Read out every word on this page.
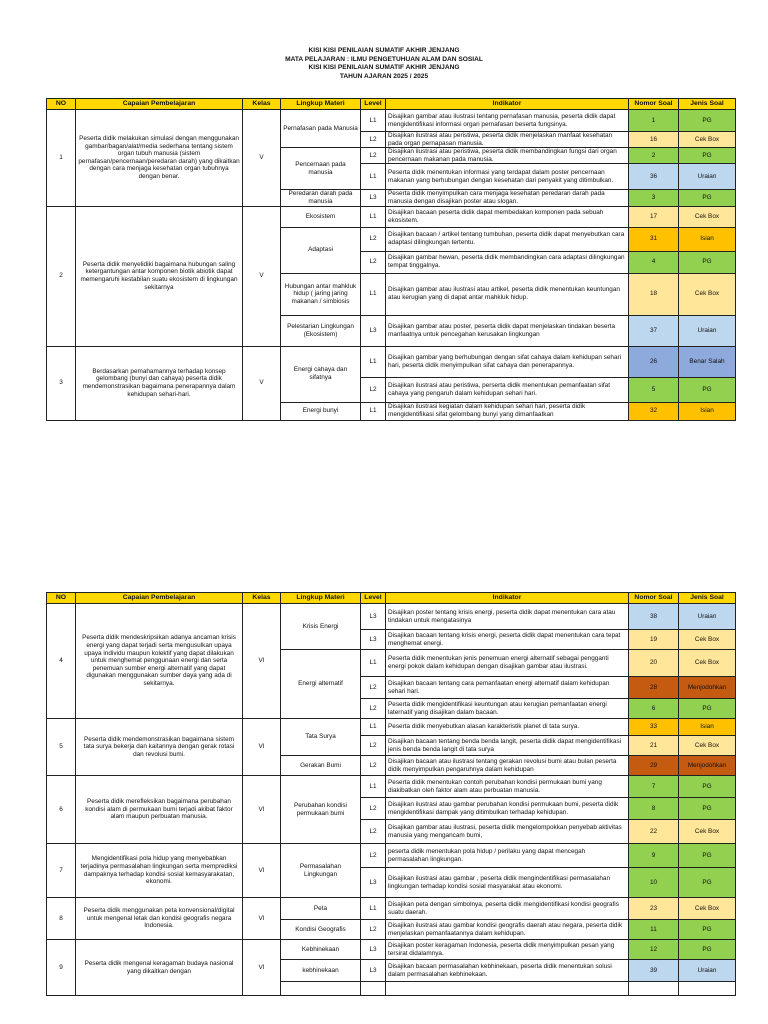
KISI KISI PENILAIAN SUMATIF AKHIR JENJANG
MATA PELAJARAN : ILMU PENGETUHUAN ALAM DAN SOSIAL
KISI KISI PENILAIAN SUMATIF AKHIR JENJANG
TAHUN AJARAN 2025 / 2025
NO	Capaian Pembelajaran	Kelas	Lingkup Materi	Level	Indikator	Nomor Soal	Jenis Soal
1	Peserta didik melakukan simulasi dengan menggunakan gambar/bagan/alat/media sederhana tentang sistem organ tubuh manusia (sistem pernafasan/pencernaan/peredaran darah) yang dikaitkan dengan cara menjaga kesehatan organ tubuhnya dengan benar.	V	Pernafasan pada Manusia	L1	Disajikan gambar atau ilustrasi tentang pernafasan manusia, peserta didik dapat mengidentifikasi informasi organ pernafasan beserta fungsinya.	1	PG
				L2	Disajikan ilustrasi atau peristiwa, peserta didik menjelaskan manfaat kesehatan pada organ pernapasan manusia.	16	Cek Box
			Pencernaan pada manusia	L2	Disajikan ilustrasi atau peristiwa, peserta didik membandingkan fungsi dari organ pencernaan makanan pada manusia.	2	PG
				L1	Peserta didik menentukan informasi yang terdapat dalam poster pencernaan makanan yang berhubungan dengan kesehatan dari penyakit yang ditimbulkan.	36	Uraian
			Peredaran darah pada manusia	L3	Peserta didik menyimpulkan cara menjaga kesehatan peredaran darah pada manusia dengan disajikan poster atau slogan.	3	PG
2	Peserta didik menyelidiki bagaimana hubungan saling ketergantungan antar komponen biotik abiotik dapat memengaruhi kestabilan suatu ekosistem di lingkungan sekitarnya	V	Ekosistem	L1	Disajikan bacaan peserta didik dapat membedakan komponen pada sebuah ekosistem.	17	Cek Box
			Adaptasi	L2	Disajikan bacaan / artikel tentang tumbuhan, peserta didik dapat menyebutkan cara adaptasi dilingkungan tertentu.	31	Isian
				L2	Disajikan gambar hewan, peserta didik membandingkan cara adaptasi dilingkungan tempat tinggalnya.	4	PG
			Hubungan antar mahkluk hidup ( jaring jaring makanan / simbiosis	L1	Disajikan gambar atau ilustrasi atau artikel, peserta didik menentukan keuntungan atau kerugian yang di dapat antar mahkluk hidup.	18	Cek Box
			Pelestarian Lingkungan (Ekosistem)	L3	Disajikan gambar atau poster, peserta didik dapat menjelaskan tindakan beserta manfaatnya untuk pencegahan kerusakan lingkungan	37	Uraian
3	Berdasarkan pemahamannya terhadap konsep gelombang (bunyi dan cahaya) peserta didik mendemonstrasikan bagaimana penerapannya dalam kehidupan sehari-hari.	V	Energi cahaya dan sifatnya	L1	Disajikan gambar yang berhubungan dengan sifat cahaya dalam kehidupan sehari hari, peserta didik menyimpulkan sifat cahaya dan penerapannya.	26	Benar Salah
				L2	Disajikan ilustrasi atau peristiwa, perserta didik menentukan pemanfaatan sifat cahaya yang pengaruh dalam kehidupan sehari hari.	5	PG
			Energi bunyi	L1	Disajikan ilustrasi kegiatan dalam kehidupan sehari hari, peserta didik mengidentifikasi sifat gelombang bunyi yang dimanfaatkan	32	Isian
NO	Capaian Pembelajaran	Kelas	Lingkup Materi	Level	Indikator	Nomor Soal	Jenis Soal
4	Peserta didik mendeskripsikan adanya ancaman krisis energi yang dapat terjadi serta mengusulkan upaya upaya individu maupun kolektif yang dapat dilakukan untuk menghemat penggunaan energi dan serta penemuan sumber energi alternatif yang dapat digunakan menggunakan sumber daya yang ada di sekitarnya.	VI	Krisis Energi	L3	Disajikan poster tentang krisis energi, peserta didik dapat menentukan cara atau tindakan untuk mengatasinya	38	Uraian
				L3	Disajikan bacaan tentang krisis energi, peserta didik dapat menentukan cara tepat menghemat energi.	19	Cek Box
			Energi alternatif	L1	Peserta didik menentukan jenis penemuan energi alternatif sebagai pengganti energi pokok dalam kehidupan dengan disajikan gambar atau ilustrasi.	20	Cek Box
				L2	Disajikan bacaan tentang cara pemanfaatan energi alternatif dalam kehidupan sehari hari.	28	Menjodohkan
				L2	Peserta didik mengidentifikasi keuntungan atau kerugian pemanfaatan energi laternatif yang disajikan dalam bacaan.	6	PG
5	Peserta didik mendemonstrasikan bagaimana sistem tata surya bekerja dan kaitannya dengan gerak rotasi dan revolusi bumi.	VI	Tata Surya	L1	Peserta didik menyebutkan alasan karakteristik planet di tata surya.	33	Isian
				L2	Disajikan bacaan tentang benda benda langit, peserta didik dapat mengidentifikasi jenis benda benda langit di tata surya	21	Cek Box
			Gerakan Bumi	L2	Disajikan bacaan atau ilustrasi tentang gerakan revolusi bumi atau bulan peserta didik menyimpulkan pengaruhnya dalam kehidupan	29	Menjodohkan
6	Peserta didik merefleksikan bagaimana perubahan kondisi alam di permukaan bumi terjadi akibat faktor alam maupun perbuatan manusia.	VI	Perubahan kondisi permukaan bumi	L1	Peserta didik menentukan contoh perubahan kondisi permukaan bumi yang diakibatkan oleh faktor alam atau perbuatan manusia.	7	PG
				L2	Disajikan ilustrasi atau gambar perubahan kondisi permukaan bumi, peserta didik mengidentifikasi dampak yang ditimbulkan terhadap kehidupan.	8	PG
				L2	Disajikan gambar atau ilustrasi, peserta didik mengelompokkan penyebab aktivitas manusia yang mengancam bumi,	22	Cek Box
7	Mengidentifikasi pola hidup yang menyebabkan terjadinya permasalahan lingkungan serta memprediksi dampaknya terhadap kondisi sosial kemasyarakatan, ekonomi.	VI	Permasalahan Lingkungan	L2	peserta didik menentukan pola hidup / perilaku yang dapat mencegah permasalahan lingkungan.	9	PG
				L3	Disajikan ilustrasi atau gambar , peserta didik mengindentifikasi permasalahan lingkungan terhadap kondisi sosial masyarakat atau ekonomi.	10	PG
8	Peserta didik menggunakan peta konvensional/digital untuk mengenal letak dan kondisi geografis negara Indonesia.	VI	Peta	L1	Disajikan peta dengan simbolnya, peserta didik mengidentifikasi kondisi geografis suatu daerah.	23	Cek Box
			Kondisi Geografis	L2	Disajikan ilustrasi atau gambar kondisi geografis daerah atau negara, peserta didik menjelaskan pemanfaatannya dalam kehidupan.	11	PG
9	Peserta didik mengenal keragaman budaya nasional yang dikaitkan dengan	VI	Kebhinekaan	L3	Disajikan poster keragaman Indonesia, peserta didik menyimpulkan pesan yang tersirat didalamnya.	12	PG
			kebhinekaan	L3	Disajikan bacaan permasalahan kebhinekaan, peserta didik menentukan solusi dalam permasalahan kebhinekaan.	39	Uraian
